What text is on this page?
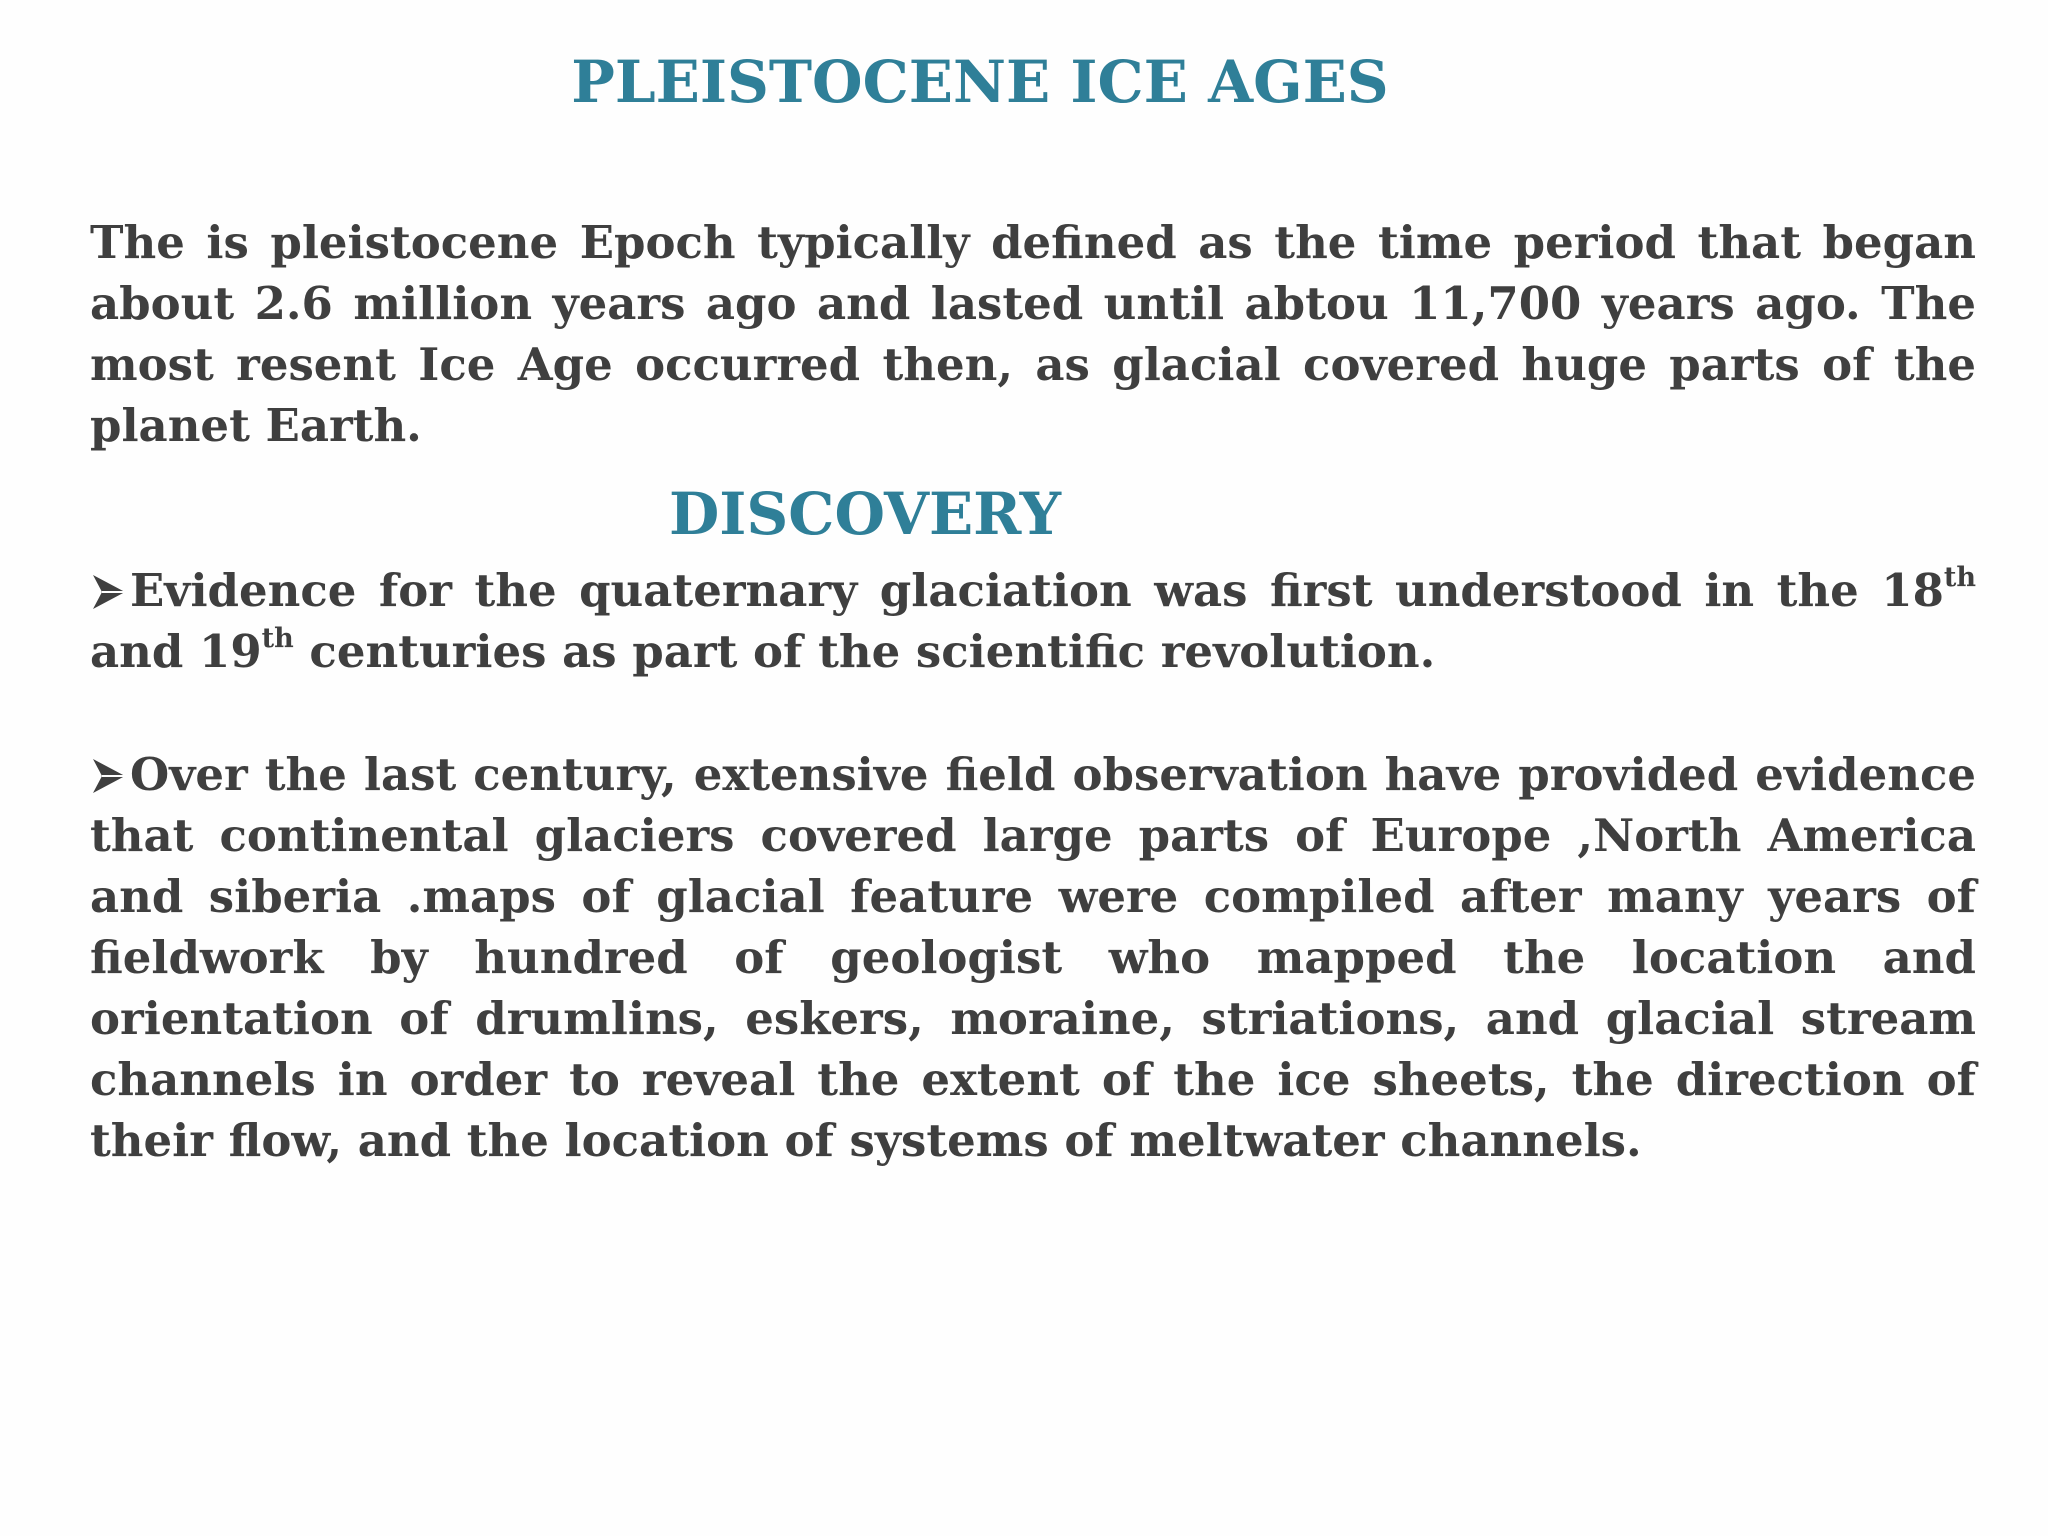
PLEISTOCENE ICE AGES
The is pleistocene Epoch typically defined as the time period that began about 2.6 million years ago and lasted until abtou 11,700 years ago. The most resent Ice Age occurred then, as glacial covered huge parts of the planet Earth.
DISCOVERY
Evidence for the quaternary glaciation was first understood in the 18th and 19th centuries as part of the scientific revolution.
Over the last century, extensive field observation have provided evidence that continental glaciers covered large parts of Europe ,North America and siberia .maps of glacial feature were compiled after many years of fieldwork by hundred of geologist who mapped the location and orientation of drumlins, eskers, moraine, striations, and glacial stream channels in order to reveal the extent of the ice sheets, the direction of their flow, and the location of systems of meltwater channels.
